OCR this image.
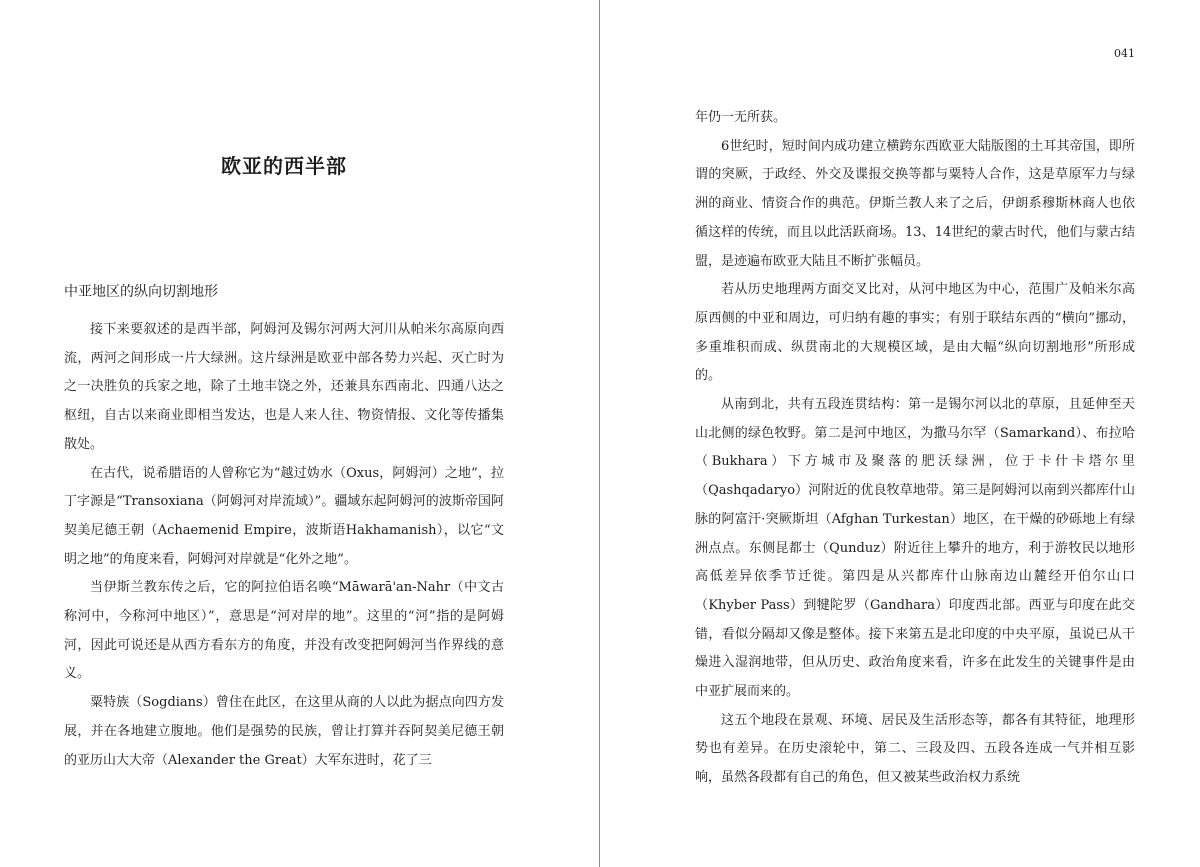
欧亚的西半部
中亚地区的纵向切割地形

接下来要叙述的是西半部，阿姆河及锡尔河两大河川从帕米尔高原向西流，两河之间形成一片大绿洲。这片绿洲是欧亚中部各势力兴起、灭亡时为之一决胜负的兵家之地，除了土地丰饶之外，还兼具东西南北、四通八达之枢纽，自古以来商业即相当发达，也是人来人往、物资情报、文化等传播集散处。

在古代，说希腊语的人曾称它为“越过妫水（Oxus，阿姆河）之地”，拉丁字源是“Transoxiana（阿姆河对岸流域）”。疆域东起阿姆河的波斯帝国阿契美尼德王朝（Achaemenid Empire，波斯语Hakhamanish），以它“文明之地”的角度来看，阿姆河对岸就是“化外之地”。

当伊斯兰教东传之后，它的阿拉伯语名唤“Māwarā'an-Nahr（中文古称河中，今称河中地区）”，意思是“河对岸的地”。这里的“河”指的是阿姆河，因此可说还是从西方看东方的角度，并没有改变把阿姆河当作界线的意义。

粟特族（Sogdians）曾住在此区，在这里从商的人以此为据点向四方发展，并在各地建立腹地。他们是强势的民族，曾让打算并吞阿契美尼德王朝的亚历山大大帝（Alexander the Great）大军东进时，花了三

041

年仍一无所获。

6世纪时，短时间内成功建立横跨东西欧亚大陆版图的土耳其帝国，即所谓的突厥，于政经、外交及谍报交换等都与粟特人合作，这是草原军力与绿洲的商业、情资合作的典范。伊斯兰教人来了之后，伊朗系穆斯林商人也依循这样的传统，而且以此活跃商场。13、14世纪的蒙古时代，他们与蒙古结盟，是迹遍布欧亚大陆且不断扩张幅员。

若从历史地理两方面交叉比对，从河中地区为中心，范围广及帕米尔高原西侧的中亚和周边，可归纳有趣的事实；有别于联结东西的“横向”挪动，多重堆积而成、纵贯南北的大规模区域，是由大幅“纵向切割地形”所形成的。

从南到北，共有五段连贯结构：第一是锡尔河以北的草原，且延伸至天山北侧的绿色牧野。第二是河中地区，为撒马尔罕（Samarkand）、布拉哈（Bukhara）下方城市及聚落的肥沃绿洲，位于卡什卡塔尔里（Qashqadaryo）河附近的优良牧草地带。第三是阿姆河以南到兴都库什山脉的阿富汗·突厥斯坦（Afghan Turkestan）地区，在干燥的砂砾地上有绿洲点点。东侧昆都士（Qunduz）附近往上攀升的地方，利于游牧民以地形高低差异依季节迁徙。第四是从兴都库什山脉南边山麓经开伯尔山口（Khyber Pass）到犍陀罗（Gandhara）印度西北部。西亚与印度在此交错，看似分隔却又像是整体。接下来第五是北印度的中央平原，虽说已从干燥进入湿润地带，但从历史、政治角度来看，许多在此发生的关键事件是由中亚扩展而来的。

这五个地段在景观、环境、居民及生活形态等，都各有其特征，地理形势也有差异。在历史滚轮中，第二、三段及四、五段各连成一气并相互影响，虽然各段都有自己的角色，但又被某些政治权力系统
